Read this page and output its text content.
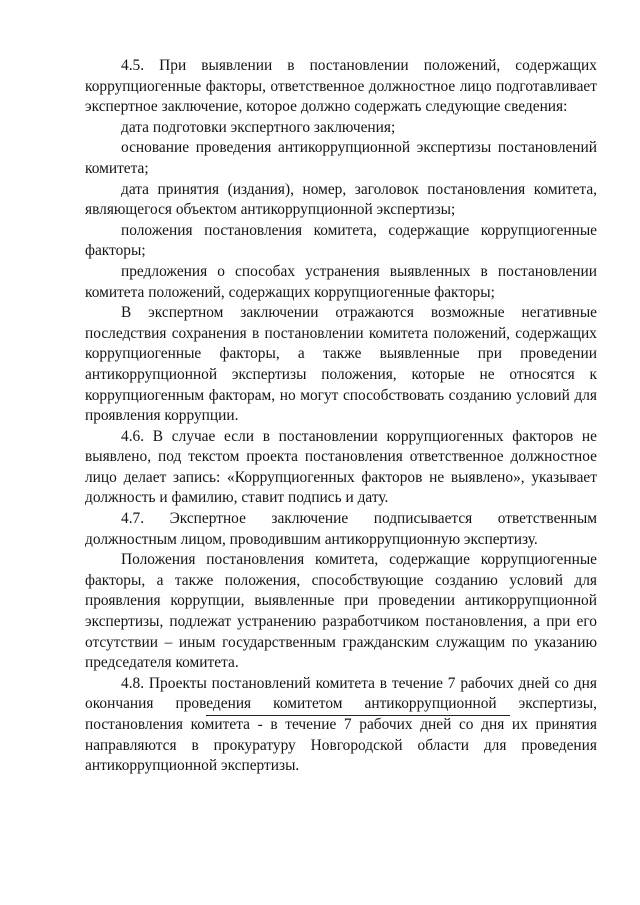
4.5. При выявлении в постановлении положений, содержащих коррупциогенные факторы, ответственное должностное лицо подготавливает экспертное заключение, которое должно содержать следующие сведения:

дата подготовки экспертного заключения;

основание проведения антикоррупционной экспертизы постановлений комитета;

дата принятия (издания), номер, заголовок постановления комитета, являющегося объектом антикоррупционной экспертизы;

положения постановления комитета, содержащие коррупциогенные факторы;

предложения о способах устранения выявленных в постановлении комитета положений, содержащих коррупциогенные факторы;

В экспертном заключении отражаются возможные негативные последствия сохранения в постановлении комитета положений, содержащих коррупциогенные факторы, а также выявленные при проведении антикоррупционной экспертизы положения, которые не относятся к коррупциогенным факторам, но могут способствовать созданию условий для проявления коррупции.

4.6. В случае если в постановлении коррупциогенных факторов не выявлено, под текстом проекта постановления ответственное должностное лицо делает запись: «Коррупциогенных факторов не выявлено», указывает должность и фамилию, ставит подпись и дату.

4.7. Экспертное заключение подписывается ответственным должностным лицом, проводившим антикоррупционную экспертизу.

Положения постановления комитета, содержащие коррупциогенные факторы, а также положения, способствующие созданию условий для проявления коррупции, выявленные при проведении антикоррупционной экспертизы, подлежат устранению разработчиком постановления, а при его отсутствии – иным государственным гражданским служащим по указанию председателя комитета.

4.8. Проекты постановлений комитета в течение 7 рабочих дней со дня окончания проведения комитетом антикоррупционной экспертизы, постановления комитета - в течение 7 рабочих дней со дня их принятия направляются в прокуратуру Новгородской области для проведения антикоррупционной экспертизы.
